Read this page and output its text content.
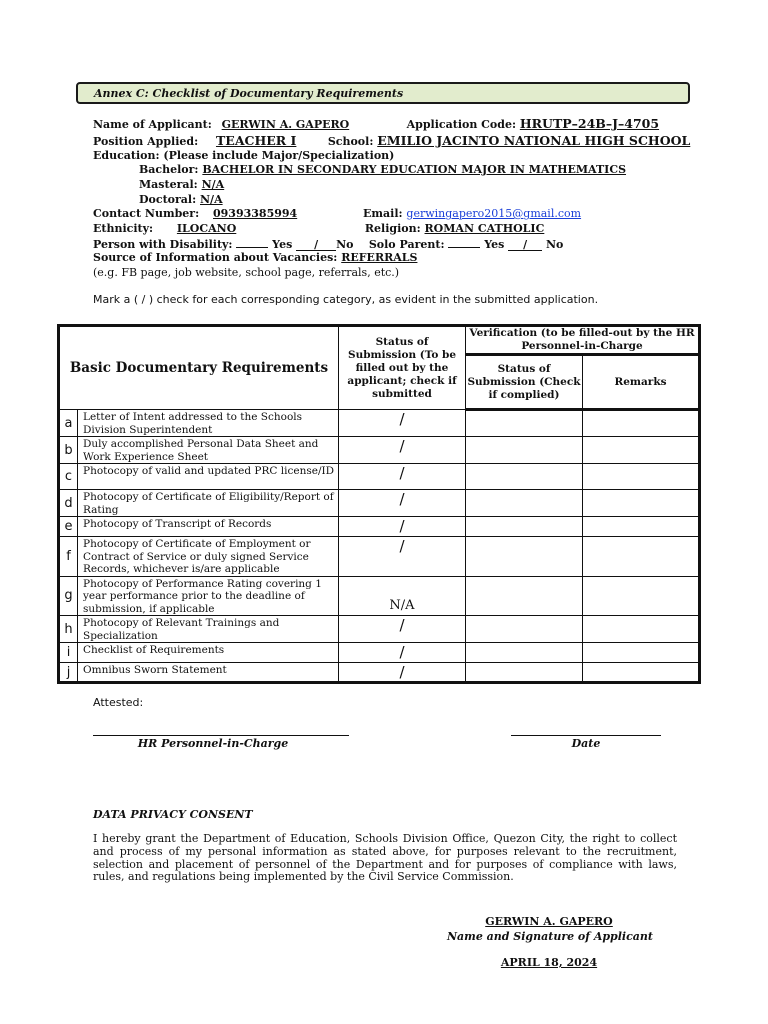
Annex C: Checklist of Documentary Requirements
Name of Applicant: GERWIN A. GAPERO	Application Code: HRUTP–24B–J–4705
Position Applied: TEACHER I	School: EMILIO JACINTO NATIONAL HIGH SCHOOL
Education: (Please include Major/Specialization)
Bachelor: BACHELOR IN SECONDARY EDUCATION MAJOR IN MATHEMATICS
Masteral: N/A
Doctoral: N/A
Contact Number: 09393385994	Email: gerwingapero2015@gmail.com
Ethnicity: ILOCANO	Religion: ROMAN CATHOLIC
Person with Disability:	Yes / No Solo Parent:	Yes / No
Source of Information about Vacancies: REFERRALS
(e.g. FB page, job website, school page, referrals, etc.)
Mark a ( / ) check for each corresponding category, as evident in the submitted application.
Basic Documentary Requirements		Status of Submission (To be filled out by the applicant; check if submitted	Verification (to be filled-out by the HR Personnel-in-Charge	
			Status of Submission (Check if complied)	Remarks
a	Letter of Intent addressed to the Schools Division Superintendent	/		
b	Duly accomplished Personal Data Sheet and Work Experience Sheet	/		
c	Photocopy of valid and updated PRC license/ID	/		
d	Photocopy of Certificate of Eligibility/Report of Rating	/		
e	Photocopy of Transcript of Records	/		
f	Photocopy of Certificate of Employment or Contract of Service or duly signed Service Records, whichever is/are applicable	/		
g	Photocopy of Performance Rating covering 1 year performance prior to the deadline of submission, if applicable	N/A		
h	Photocopy of Relevant Trainings and Specialization	/		
i	Checklist of Requirements	/		
j	Omnibus Sworn Statement	/		
Attested:
HR Personnel-in-Charge	Date
DATA PRIVACY CONSENT
I hereby grant the Department of Education, Schools Division Office, Quezon City, the right to collect and process of my personal information as stated above, for purposes relevant to the recruitment, selection and placement of personnel of the Department and for purposes of compliance with laws, rules, and regulations being implemented by the Civil Service Commission.
GERWIN A. GAPERO
Name and Signature of Applicant
APRIL 18, 2024
